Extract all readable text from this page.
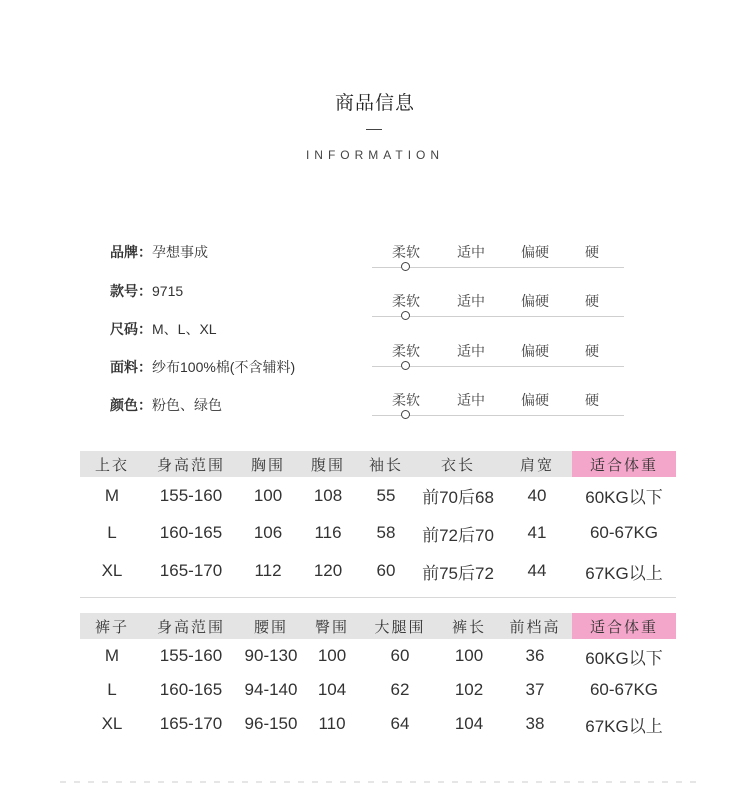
商品信息
INFORMATION
品牌：孕想事成
款号：9715
尺码：M、L、XL
面料：纱布100%棉(不含辅料)
颜色：粉色、绿色
柔软	适中	偏硬	硬
柔软	适中	偏硬	硬
柔软	适中	偏硬	硬
柔软	适中	偏硬	硬
上衣	身高范围	胸围	腹围	袖长	衣长	肩宽	适合体重
M	155-160	100	108	55	前70后68	40	60KG以下
L	160-165	106	116	58	前72后70	41	60-67KG
XL	165-170	112	120	60	前75后72	44	67KG以上
裤子	身高范围	腰围	臀围	大腿围	裤长	前档高	适合体重
M	155-160	90-130	100	60	100	36	60KG以下
L	160-165	94-140	104	62	102	37	60-67KG
XL	165-170	96-150	110	64	104	38	67KG以上
